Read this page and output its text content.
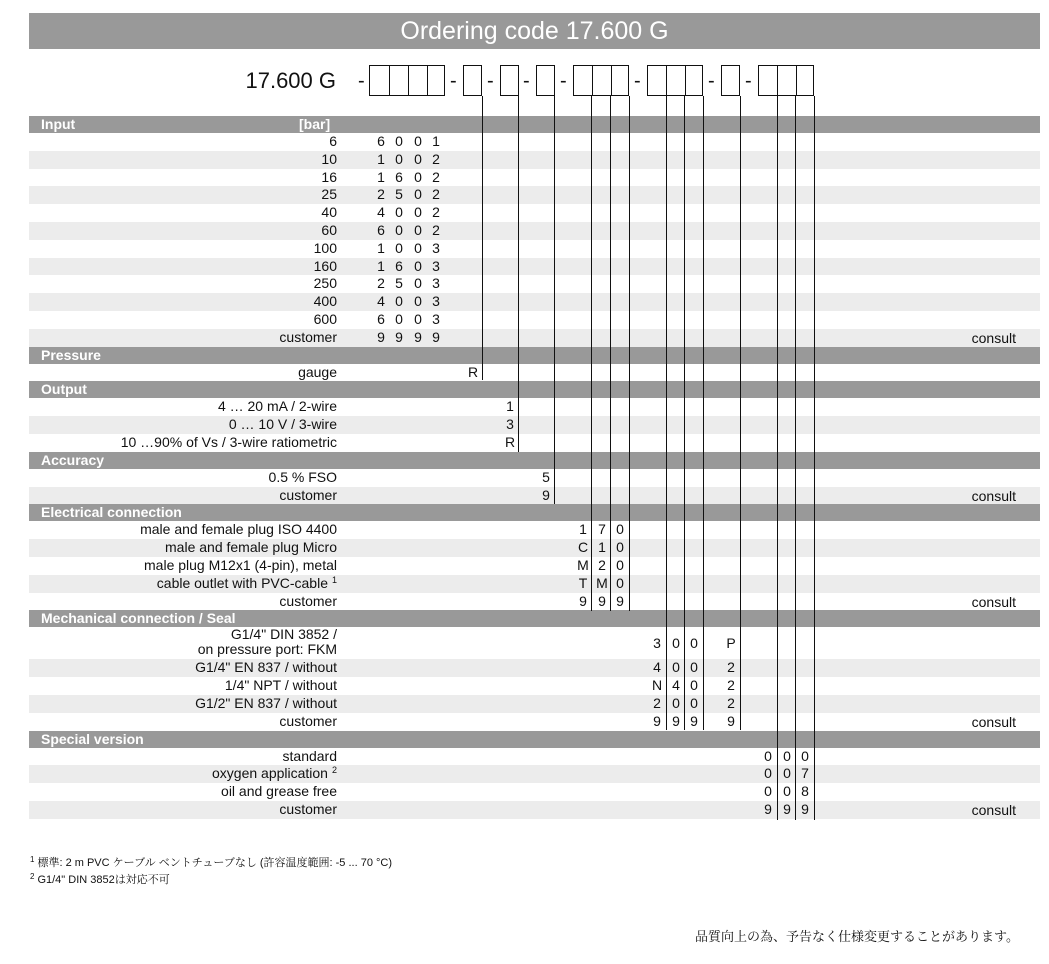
Ordering code 17.600 G
17.600 G -	- - - -	-	- -
Input	[bar]
6	6 0 0 1
10	1 0 0 2
16	1 6 0 2
25	2 5 0 2
40	4 0 0 2
60	6 0 0 2
100	1 0 0 3
160	1 6 0 3
250	2 5 0 3
400	4 0 0 3
600	6 0 0 3
customer	9 9 9 9	consult
Pressure
gauge	R
Output
4 … 20 mA / 2-wire	1
0 … 10 V / 3-wire	3
10 …90% of Vs / 3-wire ratiometric	R
Accuracy
0.5 % FSO	5
customer	9	consult
Electrical connection
male and female plug ISO 4400	1 7 0
male and female plug Micro	C 1 0
male plug M12x1 (4-pin), metal	M 2 0
cable outlet with PVC-cable $^1$	T M 0
customer	9 9 9	consult
Mechanical connection / Seal
G1/4" DIN 3852 /
on pressure port: FKM	3 0 0	P
G1/4" EN 837 / without	4 0 0	2
1/4" NPT / without	N 4 0	2
G1/2" EN 837 / without	2 0 0	2
customer	9 9 9	9	consult
Special version
standard	0 0 0
oxygen application $^2$	0 0 7
oil and grease free	0 0 8
customer	9 9 9	consult
$^1$ 標準: 2 m PVC ケーブル ベントチューブなし (許容温度範囲: -5 ... 70 °C)
$^2$ G1/4" DIN 3852は対応不可
品質向上の為、予告なく仕様変更することがあります。
